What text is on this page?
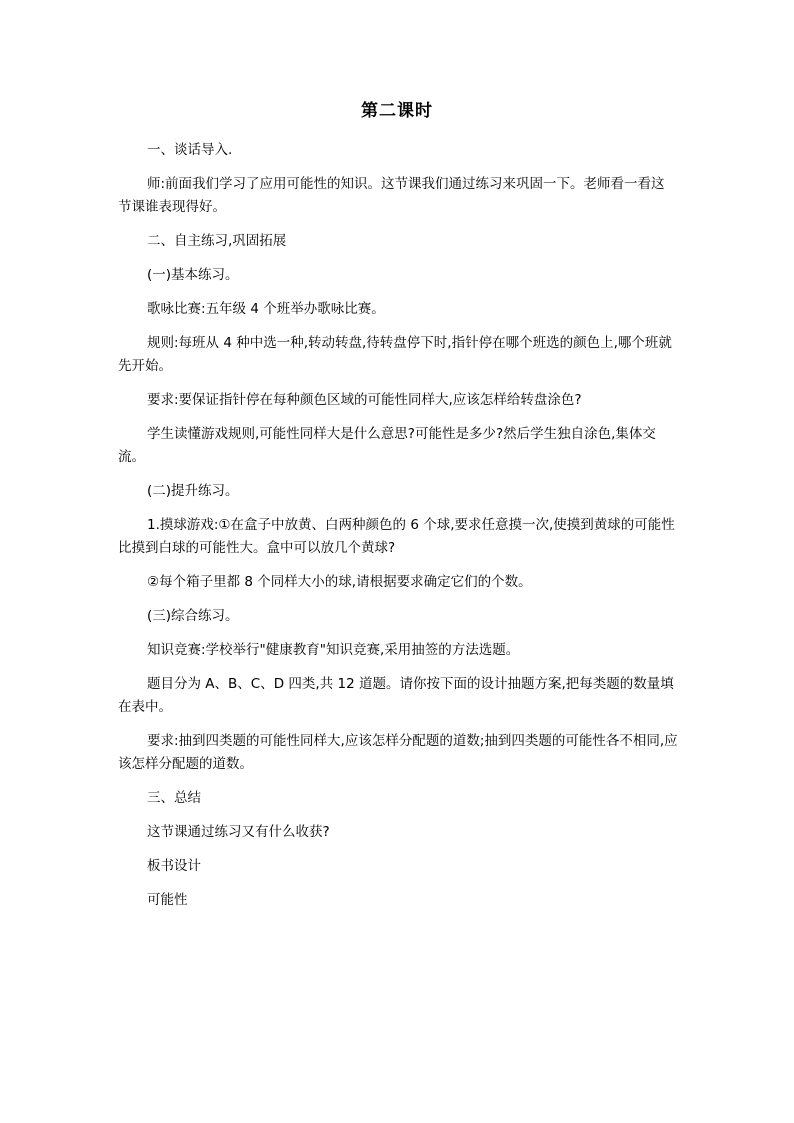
第二课时

一、谈话导入.

师:前面我们学习了应用可能性的知识。这节课我们通过练习来巩固一下。老师看一看这节课谁表现得好。

二、自主练习,巩固拓展

(一)基本练习。

歌咏比赛:五年级 4 个班举办歌咏比赛。

规则:每班从 4 种中选一种,转动转盘,待转盘停下时,指针停在哪个班选的颜色上,哪个班就先开始。

要求:要保证指针停在每种颜色区域的可能性同样大,应该怎样给转盘涂色?

学生读懂游戏规则,可能性同样大是什么意思?可能性是多少?然后学生独自涂色,集体交流。

(二)提升练习。

1.摸球游戏:①在盒子中放黄、白两种颜色的 6 个球,要求任意摸一次,使摸到黄球的可能性比摸到白球的可能性大。盒中可以放几个黄球?

②每个箱子里都 8 个同样大小的球,请根据要求确定它们的个数。

(三)综合练习。

知识竞赛:学校举行"健康教育"知识竞赛,采用抽签的方法选题。

题目分为 A、B、C、D 四类,共 12 道题。请你按下面的设计抽题方案,把每类题的数量填在表中。

要求:抽到四类题的可能性同样大,应该怎样分配题的道数;抽到四类题的可能性各不相同,应该怎样分配题的道数。

三、总结

这节课通过练习又有什么收获?

板书设计

可能性
